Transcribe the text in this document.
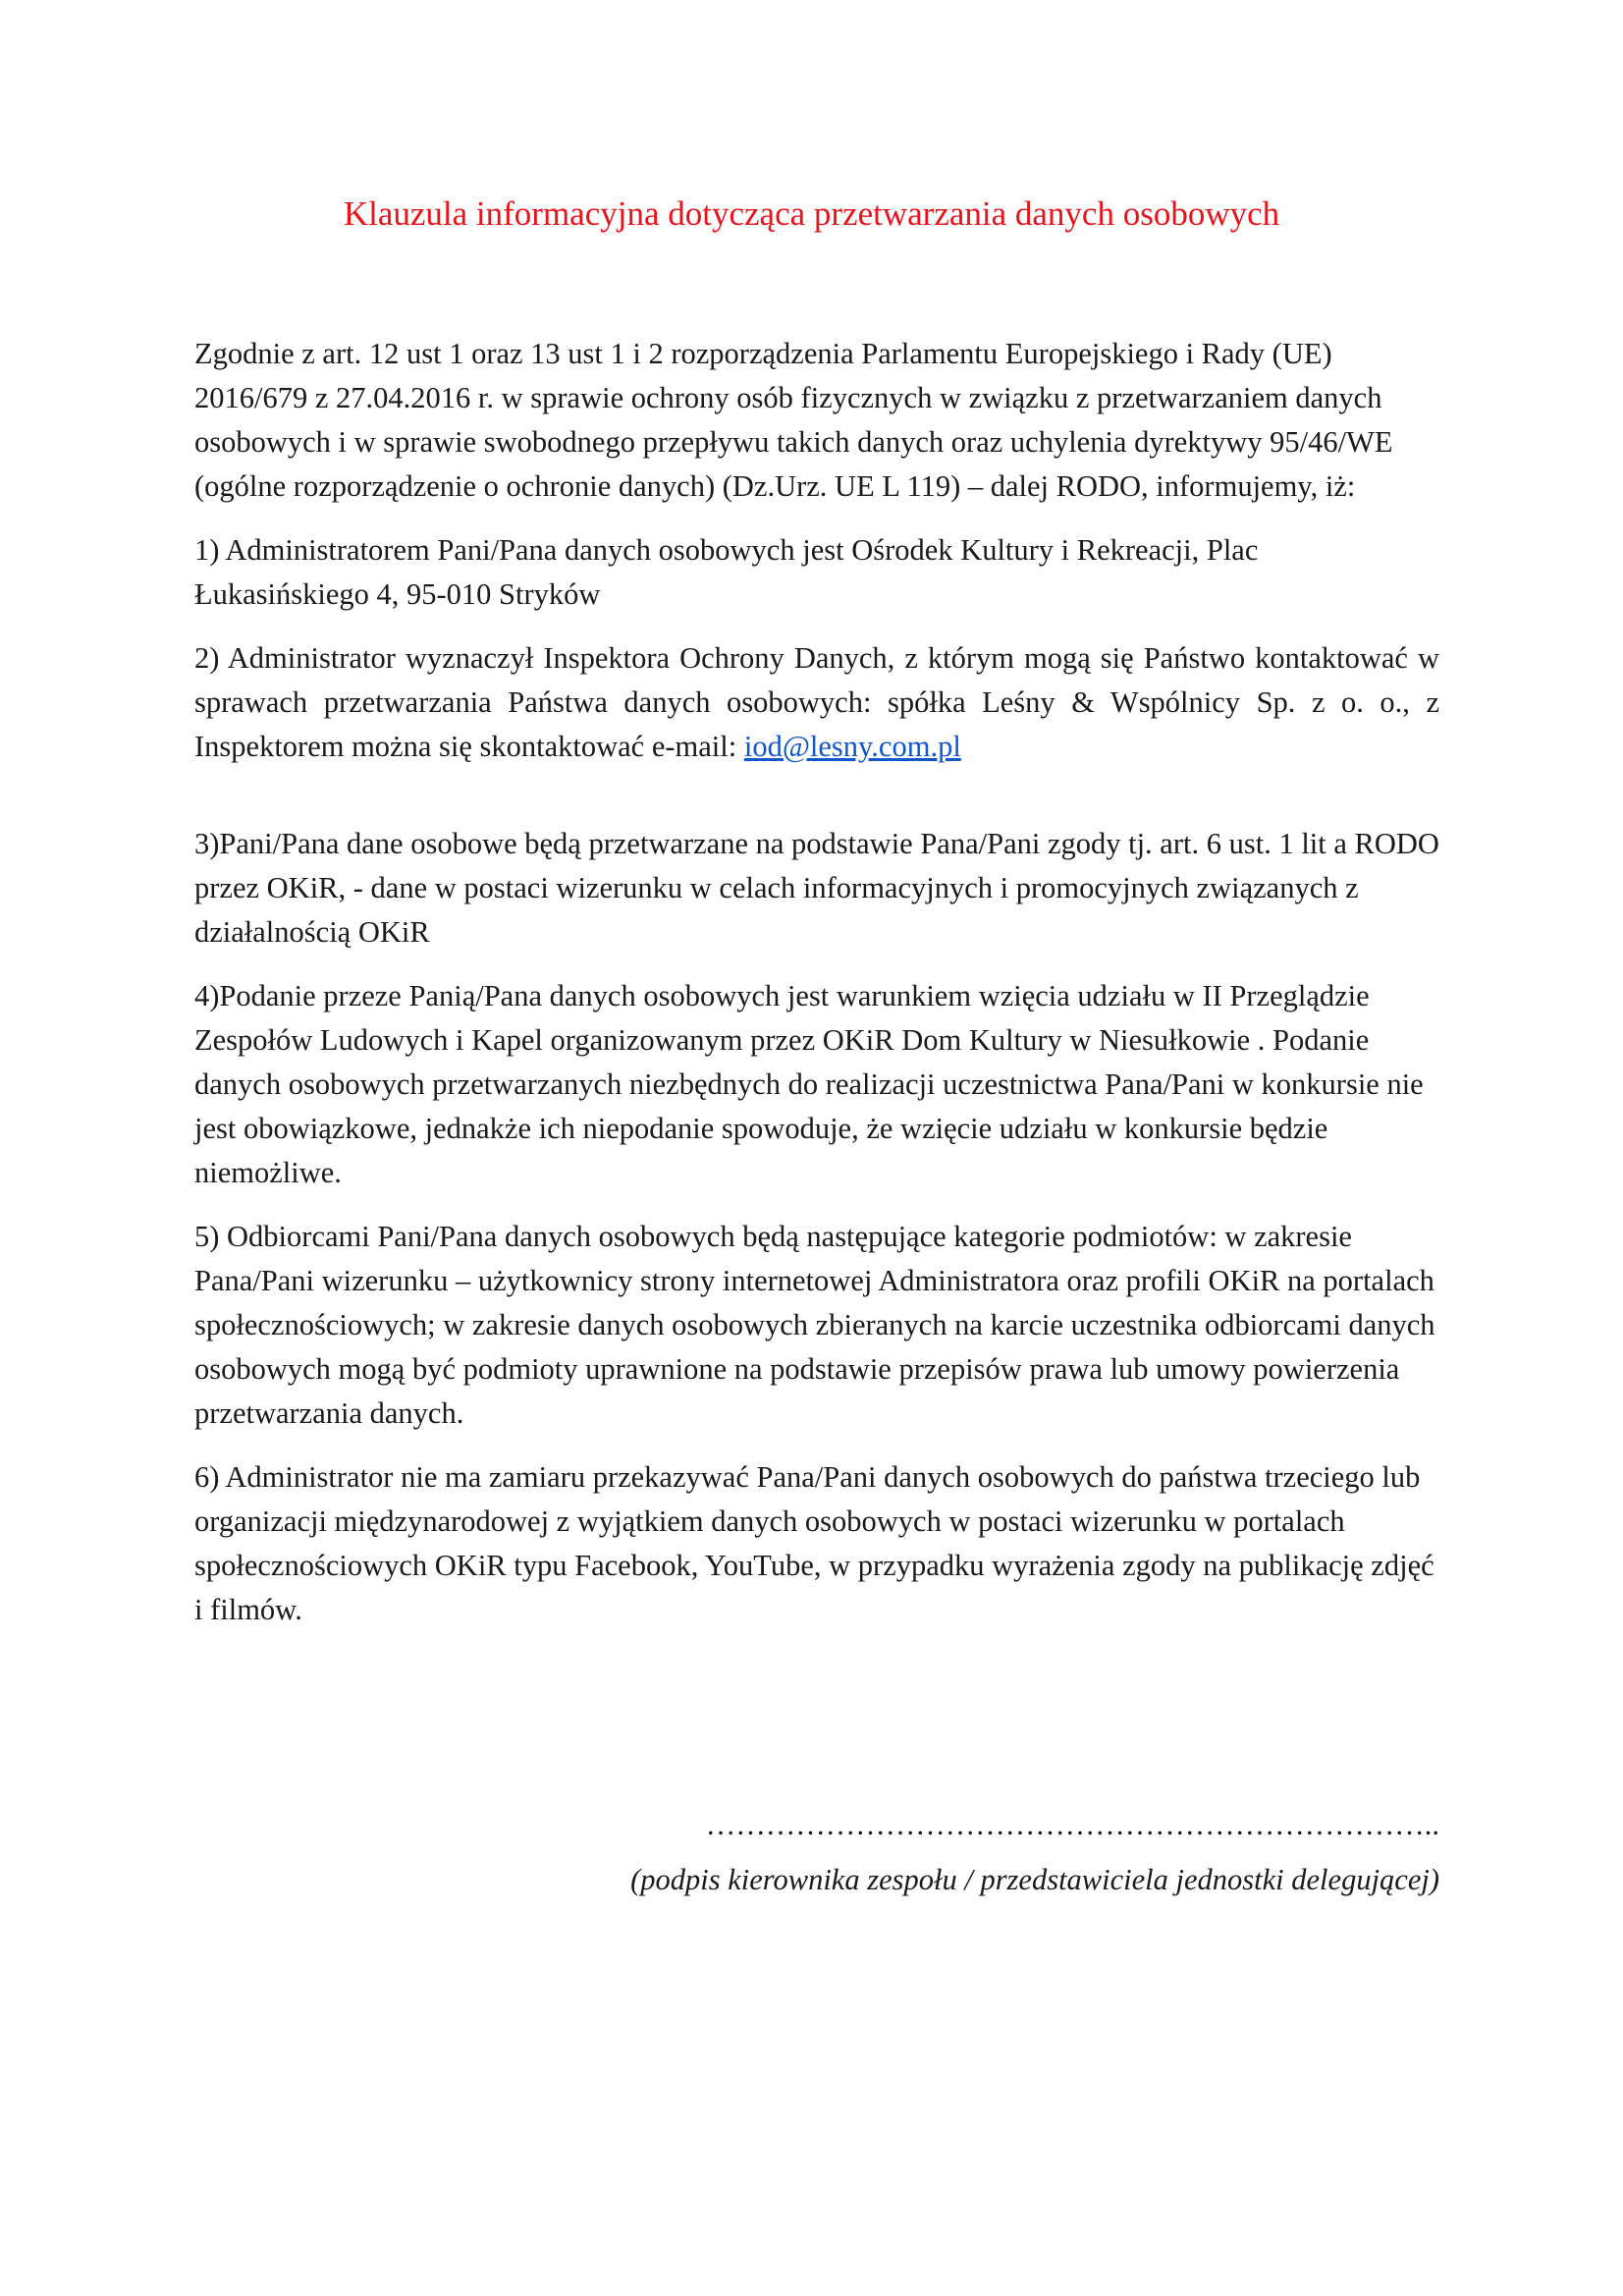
Klauzula informacyjna dotycząca przetwarzania danych osobowych

Zgodnie z art. 12 ust 1 oraz 13 ust 1 i 2 rozporządzenia Parlamentu Europejskiego i Rady (UE) 2016/679 z 27.04.2016 r. w sprawie ochrony osób fizycznych w związku z przetwarzaniem danych osobowych i w sprawie swobodnego przepływu takich danych oraz uchylenia dyrektywy 95/46/WE (ogólne rozporządzenie o ochronie danych) (Dz.Urz. UE L 119) – dalej RODO, informujemy, iż:

1) Administratorem Pani/Pana danych osobowych jest Ośrodek Kultury i Rekreacji, Plac Łukasińskiego 4, 95-010 Stryków

2) Administrator wyznaczył Inspektora Ochrony Danych, z którym mogą się Państwo kontaktować w sprawach przetwarzania Państwa danych osobowych: spółka Leśny & Wspólnicy Sp. z o. o., z Inspektorem można się skontaktować e-mail: iod@lesny.com.pl

3)Pani/Pana dane osobowe będą przetwarzane na podstawie Pana/Pani zgody tj. art. 6 ust. 1 lit a RODO przez OKiR, - dane w postaci wizerunku w celach informacyjnych i promocyjnych związanych z działalnością OKiR

4)Podanie przeze Panią/Pana danych osobowych jest warunkiem wzięcia udziału w II Przeglądzie Zespołów Ludowych i Kapel organizowanym przez OKiR Dom Kultury w Niesułkowie . Podanie danych osobowych przetwarzanych niezbędnych do realizacji uczestnictwa Pana/Pani w konkursie nie jest obowiązkowe, jednakże ich niepodanie spowoduje, że wzięcie udziału w konkursie będzie niemożliwe.

5) Odbiorcami Pani/Pana danych osobowych będą następujące kategorie podmiotów: w zakresie Pana/Pani wizerunku – użytkownicy strony internetowej Administratora oraz profili OKiR na portalach społecznościowych; w zakresie danych osobowych zbieranych na karcie uczestnika odbiorcami danych osobowych mogą być podmioty uprawnione na podstawie przepisów prawa lub umowy powierzenia przetwarzania danych.

6) Administrator nie ma zamiaru przekazywać Pana/Pani danych osobowych do państwa trzeciego lub organizacji międzynarodowej z wyjątkiem danych osobowych w postaci wizerunku w portalach społecznościowych OKiR typu Facebook, YouTube, w przypadku wyrażenia zgody na publikację zdjęć i filmów.

………………………………………………………………..
(podpis kierownika zespołu / przedstawiciela jednostki delegującej)
